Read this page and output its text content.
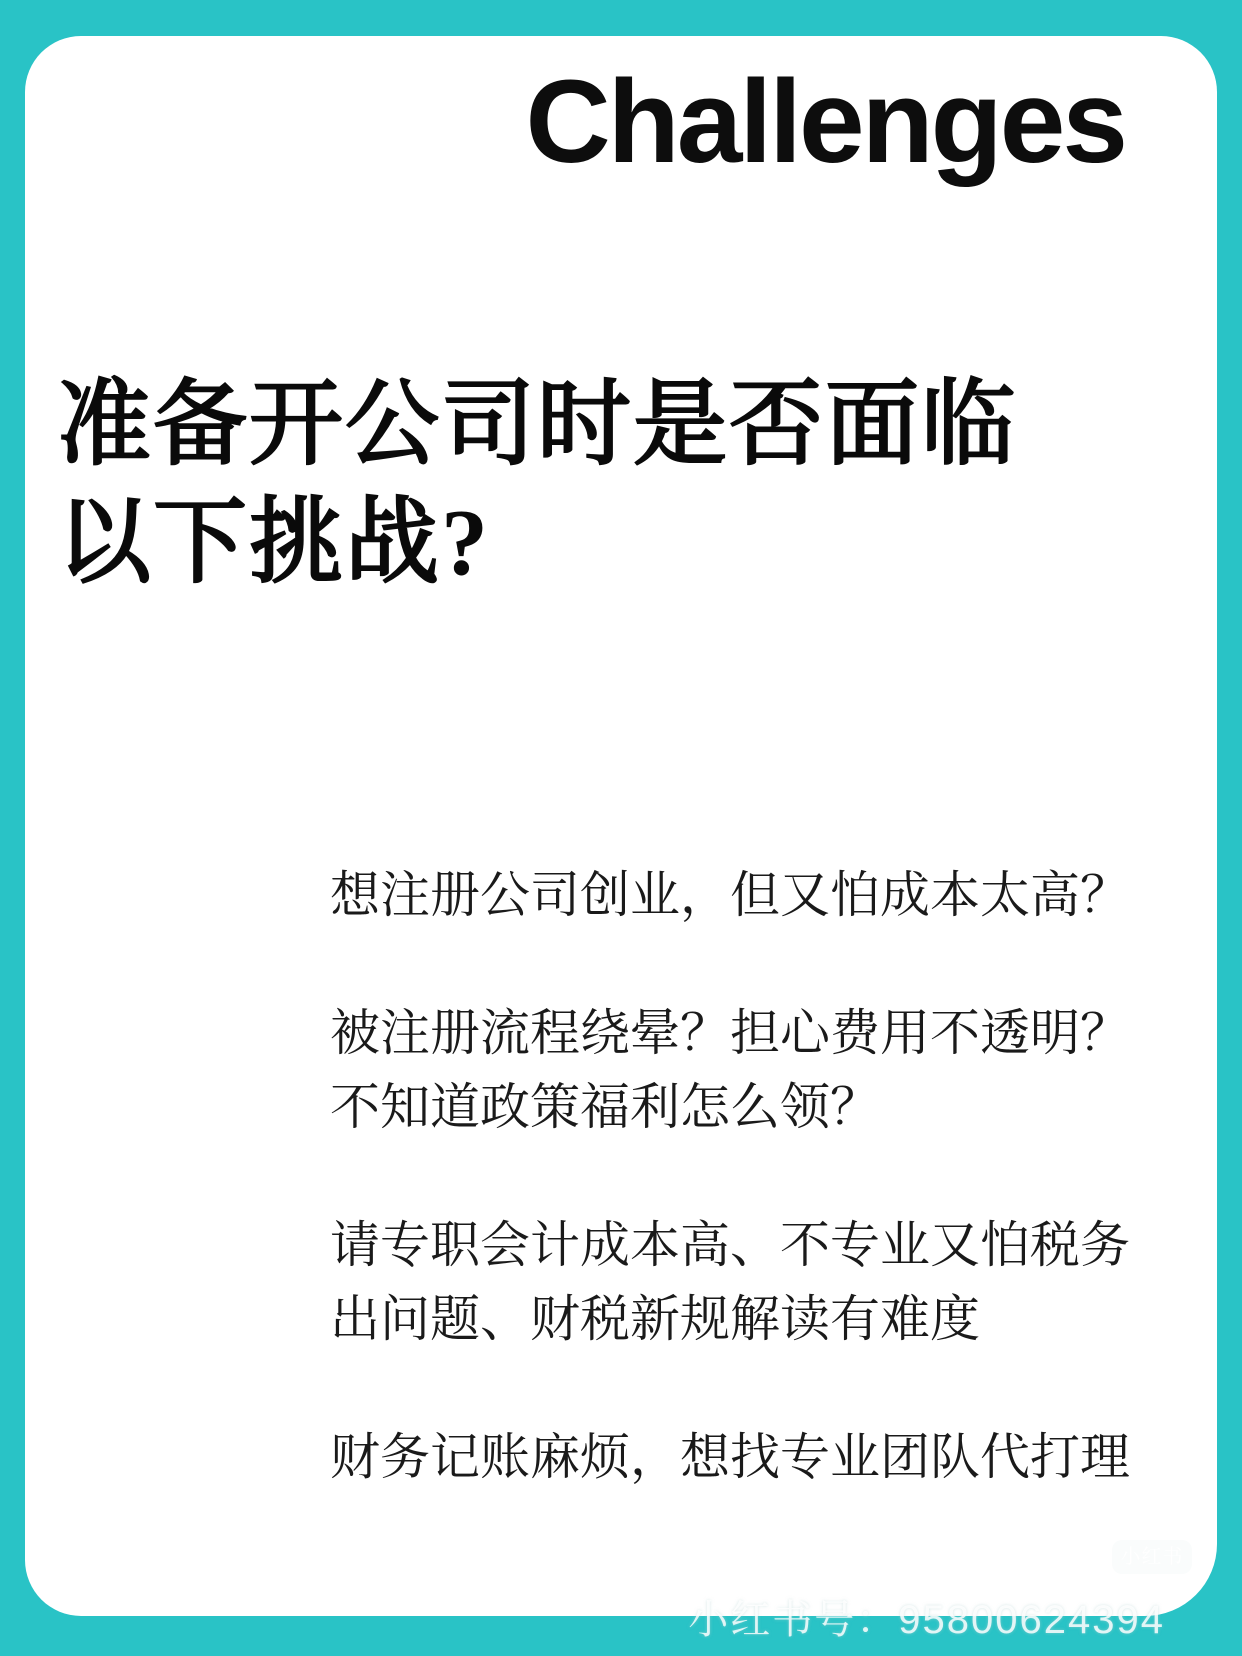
Challenges
准备开公司时是否面临
以下挑战?
想注册公司创业，但又怕成本太高？
被注册流程绕晕？担心费用不透明？不知道政策福利怎么领？
请专职会计成本高、不专业又怕税务出问题、财税新规解读有难度
财务记账麻烦，想找专业团队代打理
小红书
小红书号：95800624394
